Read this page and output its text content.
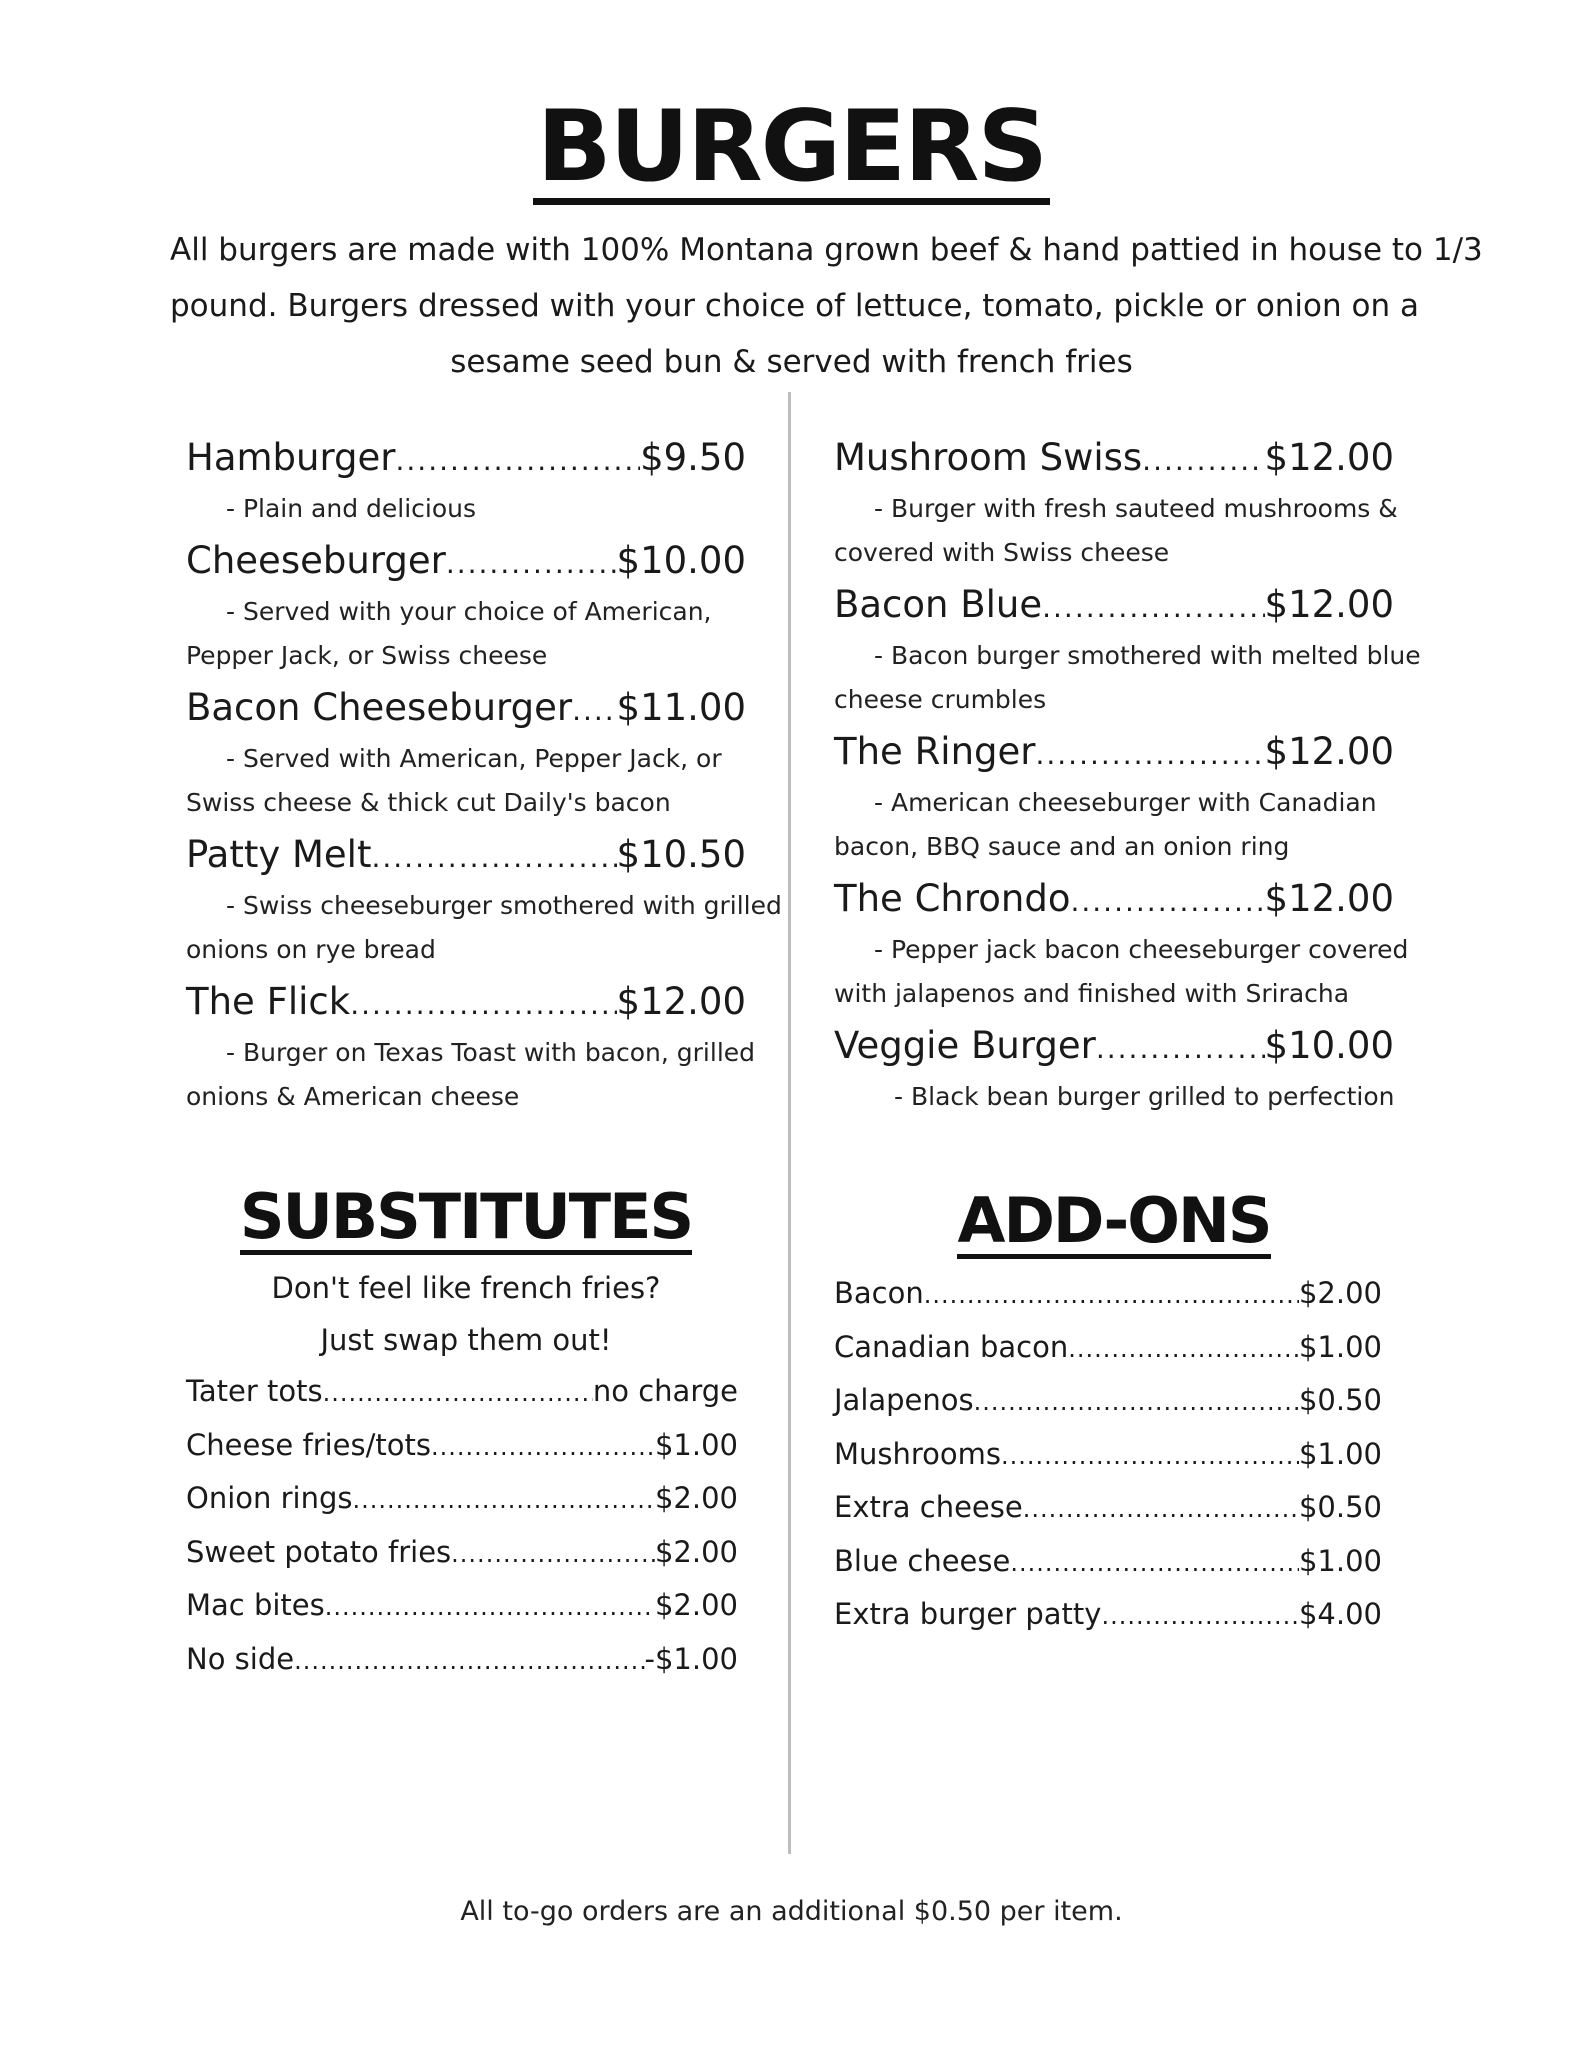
BURGERS
All burgers are made with 100% Montana grown beef & hand pattied in house to 1/3
pound. Burgers dressed with your choice of lettuce, tomato, pickle or onion on a
sesame seed bun & served with french fries
Hamburger .....	$9.50
- Plain and delicious
Cheeseburger .....	$10.00
- Served with your choice of American,
Pepper Jack, or Swiss cheese
Bacon Cheeseburger ..... $11.00
- Served with American, Pepper Jack, or
Swiss cheese & thick cut Daily's bacon
Patty Melt .....	$10.50
- Swiss cheeseburger smothered with grilled
onions on rye bread
The Flick .....	$12.00
- Burger on Texas Toast with bacon, grilled
onions & American cheese
Mushroom Swiss .....	$12.00
- Burger with fresh sauteed mushrooms &
covered with Swiss cheese
Bacon Blue .....	$12.00
- Bacon burger smothered with melted blue
cheese crumbles
The Ringer .....	$12.00
- American cheeseburger with Canadian
bacon, BBQ sauce and an onion ring
The Chrondo .....	$12.00
- Pepper jack bacon cheeseburger covered
with jalapenos and finished with Sriracha
Veggie Burger .....	$10.00
- Black bean burger grilled to perfection
SUBSTITUTES
Don't feel like french fries?
Just swap them out!
Tater tots .....	no charge
Cheese fries/tots .....	$1.00
Onion rings .....	$2.00
Sweet potato fries .....	$2.00
Mac bites .....	$2.00
No side .....	-$1.00
ADD-ONS
Bacon .....	$2.00
Canadian bacon .....	$1.00
Jalapenos .....	$0.50
Mushrooms .....	$1.00
Extra cheese .....	$0.50
Blue cheese .....	$1.00
Extra burger patty .....	$4.00
All to-go orders are an additional $0.50 per item.
